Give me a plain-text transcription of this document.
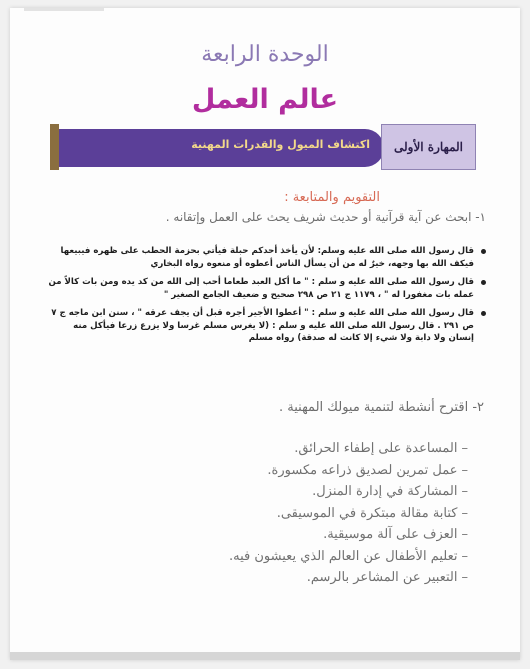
الوحدة الرابعة
عالم العمل
اكتشاف الميول والقدرات المهنية المهارة الأولى
التقويم والمتابعة :
١- ابحث عن آية قرآنية أو حديث شريف يحث على العمل وإتقانه .
قال رسول الله صلى الله عليه وسلم: لأن يأخذ أحدكم حبلة فيأتي بحزمة الحطب على ظهره فيبيعها فيكف الله بها وجهه، خيرٌ له من أن يسأل الناس أعطوه أو منعوه رواه البخاري
قال رسول الله صلى الله عليه و سلم : " ما أكل العبد طعاما أحب إلى الله من كد يده ومن بات كالاً من عمله بات مغفورا له " ، ١١٧٩ ج ٢١ ص ٢٩٨ صحيح و ضعيف الجامع الصغير "
قال رسول الله صلى الله عليه و سلم : " أعطوا الأجير أجره قبل أن يجف عرقه " ، سنن ابن ماجه ج ٧ ص ٢٩١ . قال رسول الله صلى الله عليه و سلم : (لا يغرس مسلم غرسا ولا يزرع زرعا فيأكل منه إنسان ولا دابة ولا شيء إلا كانت له صدقة) رواه مسلم
٢- اقترح أنشطة لتنمية ميولك المهنية .
–
المساعدة على إطفاء الحرائق.
–
عمل تمرين لصديق ذراعه مكسورة.
–
المشاركة في إدارة المنزل.
–
كتابة مقالة مبتكرة في الموسيقى.
–
العزف على آلة موسيقية.
–
تعليم الأطفال عن العالم الذي يعيشون فيه.
–
التعبير عن المشاعر بالرسم.
